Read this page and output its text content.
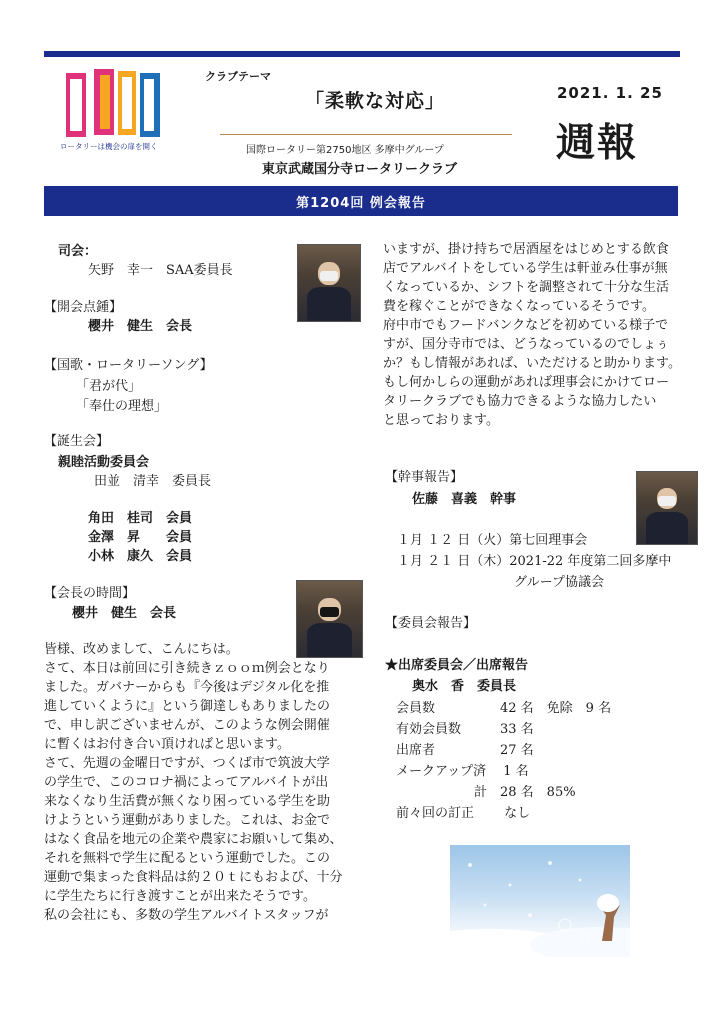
ロータリーは機会の扉を開く
クラブテーマ
「柔軟な対応」
国際ロータリー第2750地区 多摩中グループ
東京武蔵国分寺ロータリークラブ
2021. 1. 25
週報
第1204回 例会報告
司会：
矢野　幸一　SAA委員長
【開会点鍾】
櫻井　健生　会長
【国歌・ロータリーソング】
「君が代」
「奉仕の理想」
【誕生会】
親睦活動委員会
田並　清幸　委員長
角田　桂司　会員
金澤　昇　　会員
小林　康久　会員
【会長の時間】
櫻井　健生　会長
皆様、改めまして、こんにちは。
さて、本日は前回に引き続きｚｏｏｍ例会となり
ました。ガバナーからも『今後はデジタル化を推
進していくように』という御達しもありましたの
で、申し訳ございませんが、このような例会開催
に暫くはお付き合い頂ければと思います。
さて、先週の金曜日ですが、つくば市で筑波大学
の学生で、このコロナ禍によってアルバイトが出
来なくなり生活費が無くなり困っている学生を助
けようという運動がありました。これは、お金で
はなく食品を地元の企業や農家にお願いして集め、
それを無料で学生に配るという運動でした。この
運動で集まった食料品は約２０ｔにもおよび、十分
に学生たちに行き渡すことが出来たそうです。
私の会社にも、多数の学生アルバイトスタッフが
いますが、掛け持ちで居酒屋をはじめとする飲食
店でアルバイトをしている学生は軒並み仕事が無
くなっているか、シフトを調整されて十分な生活
費を稼ぐことができなくなっているそうです。
府中市でもフードバンクなどを初めている様子で
すが、国分寺市では、どうなっているのでしょぅ
か？もし情報があれば、いただけると助かります。
もし何かしらの運動があれば理事会にかけてロー
タリークラブでも協力できるような協力したい
と思っております。
【幹事報告】
佐藤　喜義　幹事
１月 １２ 日（火）第七回理事会
１月 ２１ 日（木）2021-22 年度第二回多摩中
　　　　　　　　　グループ協議会
【委員会報告】
★出席委員会／出席報告
奥水　香　委員長
会員数　　　　　42 名　免除　9 名
有効会員数　　　33 名
出席者　　　　　27 名
メークアップ済　 1 名
　　　　　　計　28 名　85%
前々回の訂正　　 なし
